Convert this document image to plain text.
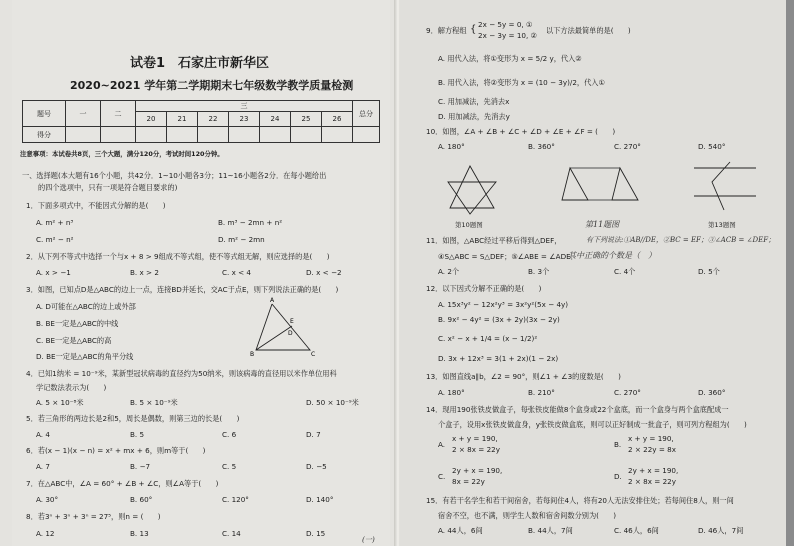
试卷1　石家庄市新华区
2020~2021 学年第二学期期末七年级数学教学质量检测
题号	一	二	三							总分
			20	21	22	23	24	25	26	
得分										
注意事项：本试卷共8页，三个大题，满分120分，考试时间120分钟。
一、选择题(本大题有16个小题，共42分．1~10小题各3分；11~16小题各2分．在每小题给出
的四个选项中，只有一项是符合题目要求的)
1．下面多项式中，不能因式分解的是(　　)
A. m² + n³	B. m³ − 2mn + n²
C. m² − n²	D. m² − 2mn
2．从下列不等式中选择一个与x + 8 > 9组成不等式组，使不等式组无解，则应选择的是(　　)
A. x > −1	B. x > 2	C. x < 4	D. x < −2
3．如图，已知点D是△ABC的边上一点，连接BD并延长，交AC于点E，则下列说法正确的是(　　)
A. D可能在△ABC的边上或外部
B. BE一定是△ABC的中线
C. BE一定是△ABC的高
D. BE一定是△ABC的角平分线
A
B	C
D
E
4．已知1纳米 = 10⁻⁹米，某新型冠状病毒的直径约为50纳米，则该病毒的直径用以米作单位用科
学记数法表示为(　　)
A. 5 × 10⁻⁸米	B. 5 × 10⁻⁹米	D. 50 × 10⁻⁹米
5．若三角形的两边长是2和5，周长是偶数，则第三边的长是(　　)
A. 4	B. 5	C. 6	D. 7
6．若(x − 1)(x − n) = x² + mx + 6，则m等于(　　)
A. 7	B. −7	C. 5	D. −5
7．在△ABC中，∠A = 60° + ∠B + ∠C，则∠A等于(　　)
A. 30°	B. 60°	C. 120°	D. 140°
8．若3ⁿ + 3ⁿ + 3ⁿ = 27⁵，则n = (　　)
A. 12	B. 13	C. 14	D. 15
(一)
9．解方程组 { 2x − 5y = 0, ①
2x − 3y = 10, ②
以下方法最简单的是(　　)
A. 用代入法，将①变形为 x = 5/2 y，代入②
B. 用代入法，将②变形为 x = (10 − 3y)/2，代入①
C. 用加减法，先消去x
D. 用加减法，先消去y
10．如图，∠A + ∠B + ∠C + ∠D + ∠E + ∠F = (　　)
A. 180°	B. 360°	C. 270°	D. 540°
第10题图	第11题图	第13题图
11．如图，△ABC经过平移后得到△DEF，	有下列说法:①AB//DE，②BC = EF；③∠ACB = ∠DEF；
④S△ABC = S△DEF；⑤∠ABE = ∠ADE．
其中正确的个数是（　）
A. 2个	B. 3个	C. 4个	D. 5个
12．以下因式分解不正确的是(　　)
A. 15x³y² − 12x²y³ = 3x²y²(5x − 4y)
B. 9x² − 4y² = (3x + 2y)(3x − 2y)
C. x² − x + 1/4 = (x − 1/2)²
D. 3x + 12x³ = 3(1 + 2x)(1 − 2x)
13．如图直线a∥b，∠2 = 90°，则∠1 + ∠3的度数是(　　)
A. 180°	B. 210°	C. 270°	D. 360°
14．现用190张铁皮做盒子，每张铁皮能做8个盒身或22个盒底，而一个盒身与两个盒底配成一
个盒子，设用x张铁皮做盒身，y张铁皮做盒底，则可以正好制成一批盒子，则可列方程组为(　　)
A.
x + y = 190,
2 × 8x = 22y
B.
x + y = 190,
2 × 22y = 8x
C.
2y + x = 190,
8x = 22y
D.
2y + x = 190,
2 × 8x = 22y
15．有若干名学生和若干间宿舍，若每间住4人，将有20人无法安排住处；若每间住8人，则一间
宿舍不空，也不满，则学生人数和宿舍间数分别为(　　)
A. 44人，6间	B. 44人，7间	C. 46人，6间	D. 46人，7间
